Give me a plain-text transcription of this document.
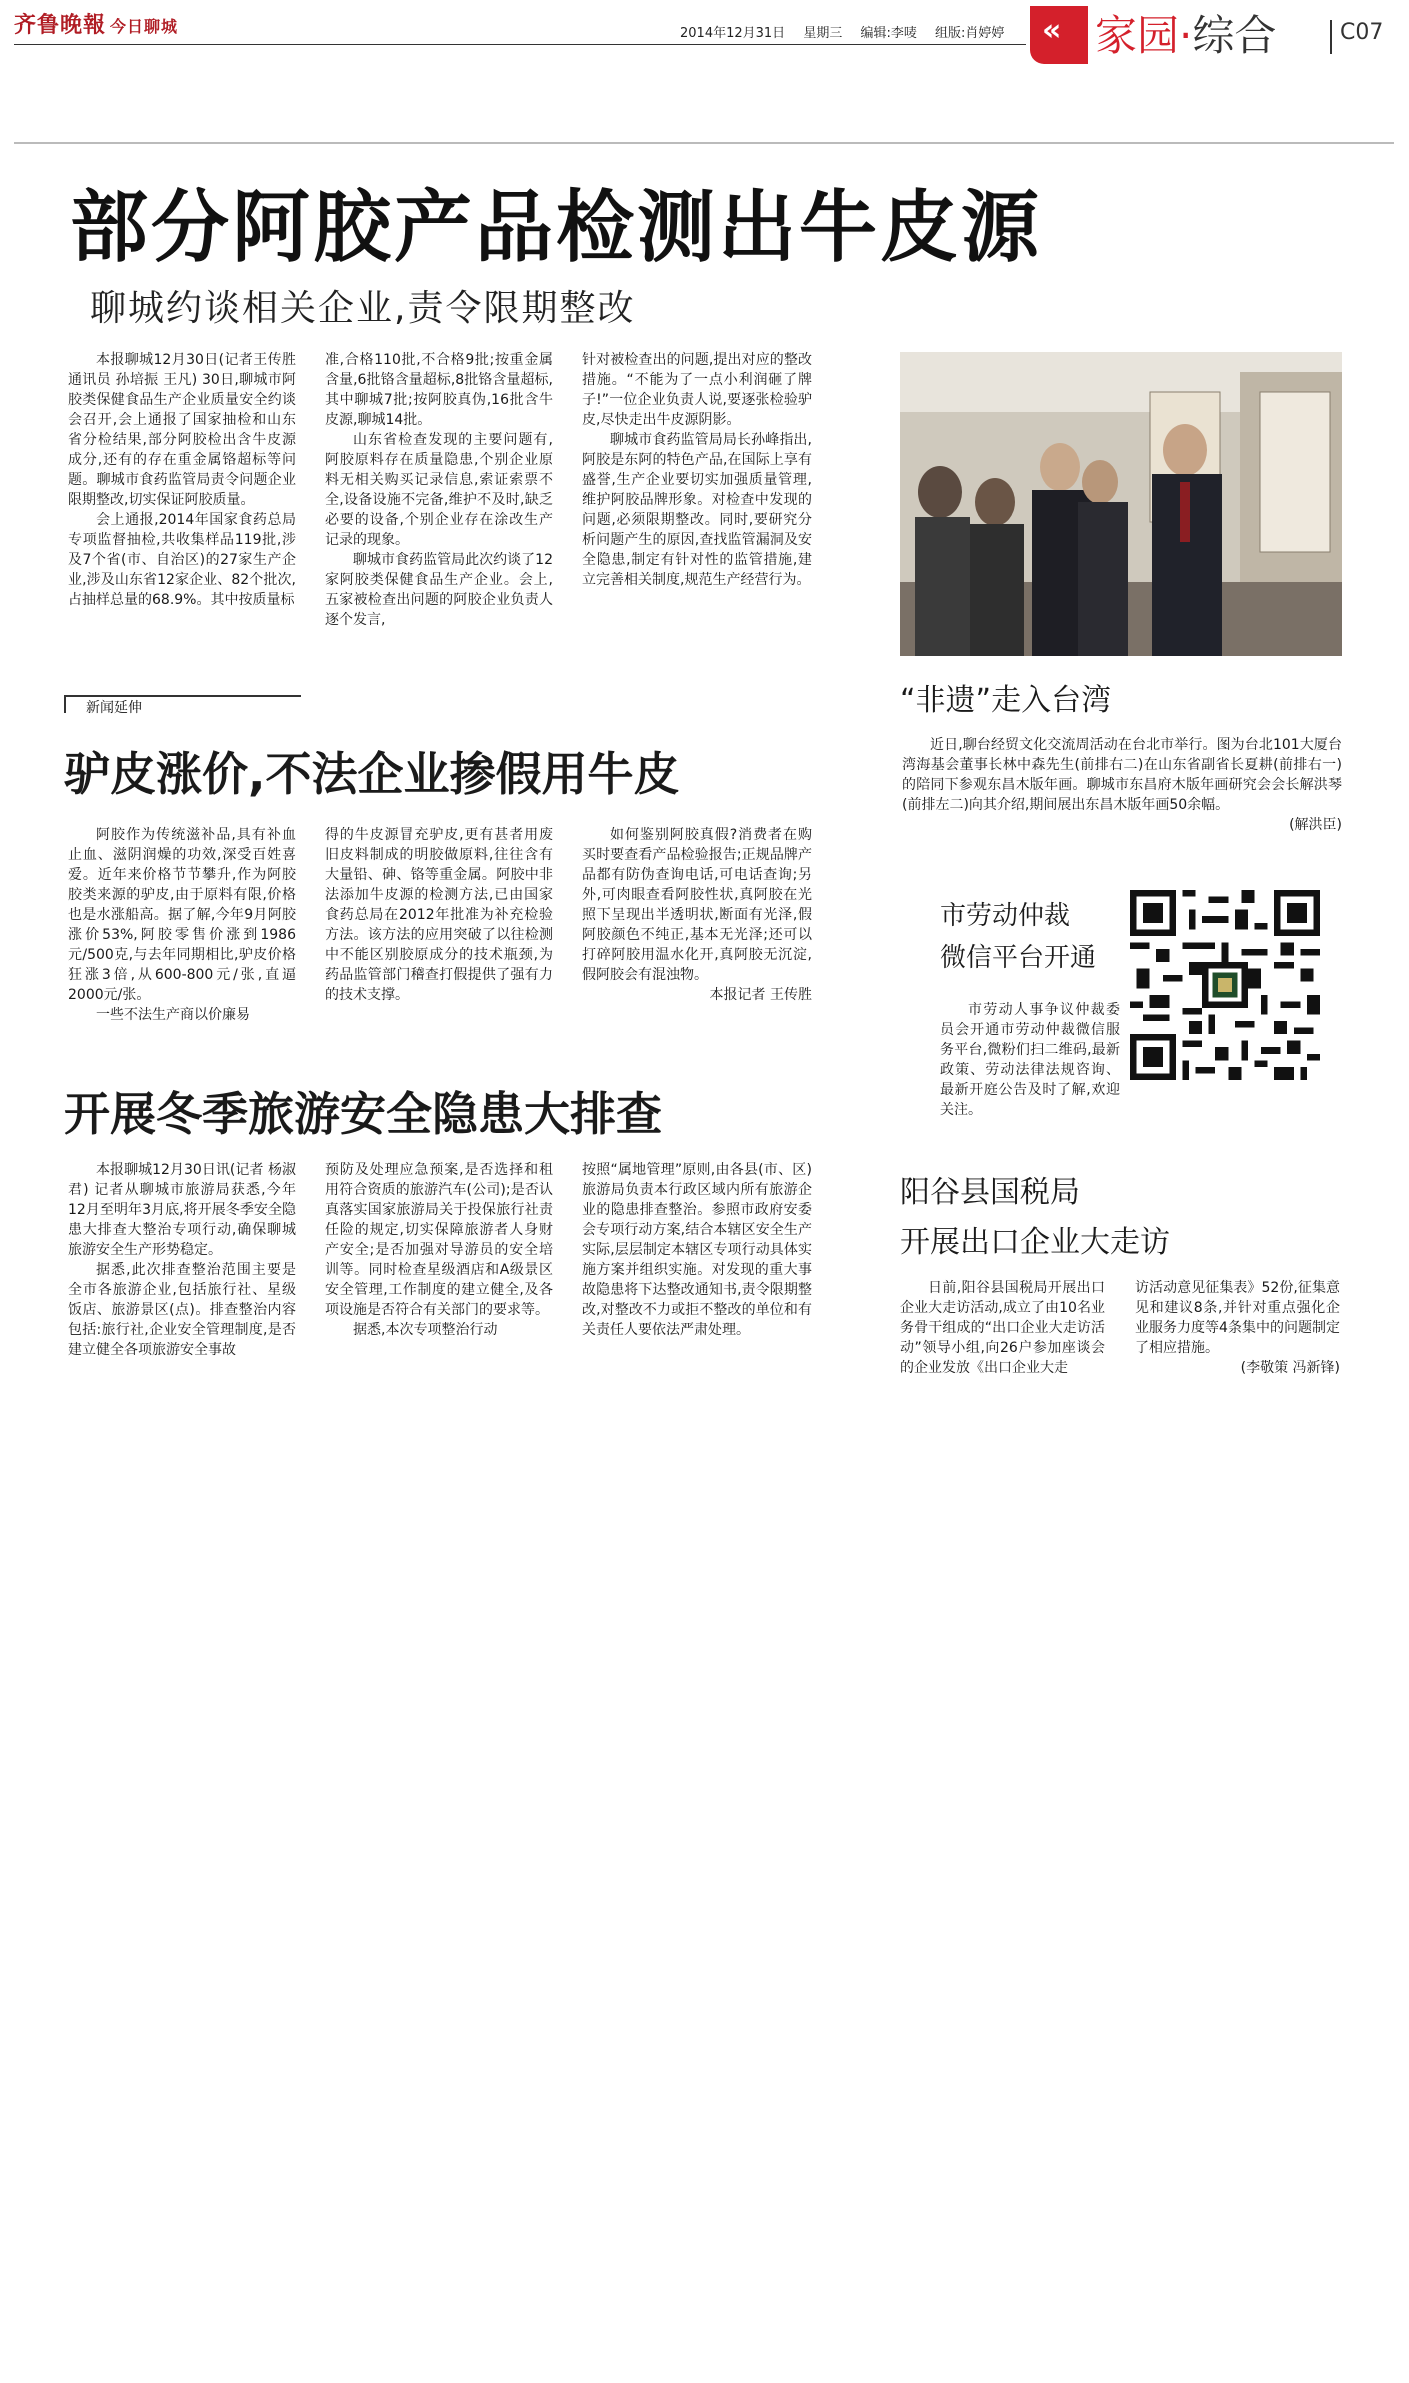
齐鲁晚報 今日聊城	2014年12月31日 星期三 编辑:李唛 组版:肖婷婷	« 家园·综合	C07
部分阿胶产品检测出牛皮源
聊城约谈相关企业,责令限期整改

本报聊城12月30日(记者王传胜 通讯员 孙培振 王凡) 30日,聊城市阿胶类保健食品生产企业质量安全约谈会召开,会上通报了国家抽检和山东省分检结果,部分阿胶检出含牛皮源成分,还有的存在重金属铬超标等问题。聊城市食药监管局责令问题企业限期整改,切实保证阿胶质量。

会上通报,2014年国家食药总局专项监督抽检,共收集样品119批,涉及7个省(市、自治区)的27家生产企业,涉及山东省12家企业、82个批次,占抽样总量的68.9%。其中按质量标

准,合格110批,不合格9批;按重金属含量,6批铬含量超标,8批铬含量超标,其中聊城7批;按阿胶真伪,16批含牛皮源,聊城14批。

山东省检查发现的主要问题有,阿胶原料存在质量隐患,个别企业原料无相关购买记录信息,索证索票不全,设备设施不完备,维护不及时,缺乏必要的设备,个别企业存在涂改生产记录的现象。

聊城市食药监管局此次约谈了12家阿胶类保健食品生产企业。会上,五家被检查出问题的阿胶企业负责人逐个发言,

针对被检查出的问题,提出对应的整改措施。“不能为了一点小利润砸了牌子!”一位企业负责人说,要逐张检验驴皮,尽快走出牛皮源阴影。

聊城市食药监管局局长孙峰指出,阿胶是东阿的特色产品,在国际上享有盛誉,生产企业要切实加强质量管理,维护阿胶品牌形象。对检查中发现的问题,必须限期整改。同时,要研究分析问题产生的原因,查找监管漏洞及安全隐患,制定有针对性的监管措施,建立完善相关制度,规范生产经营行为。

新闻延伸
驴皮涨价,不法企业掺假用牛皮

阿胶作为传统滋补品,具有补血止血、滋阴润燥的功效,深受百姓喜爱。近年来价格节节攀升,作为阿胶胶类来源的驴皮,由于原料有限,价格也是水涨船高。据了解,今年9月阿胶涨价53%,阿胶零售价涨到1986元/500克,与去年同期相比,驴皮价格狂涨3倍,从600-800元/张,直逼2000元/张。

一些不法生产商以价廉易

得的牛皮源冒充驴皮,更有甚者用废旧皮料制成的明胶做原料,往往含有大量铅、砷、铬等重金属。阿胶中非法添加牛皮源的检测方法,已由国家食药总局在2012年批准为补充检验方法。该方法的应用突破了以往检测中不能区别胶原成分的技术瓶颈,为药品监管部门稽查打假提供了强有力的技术支撑。

如何鉴别阿胶真假?消费者在购买时要查看产品检验报告;正规品牌产品都有防伪查询电话,可电话查询;另外,可肉眼查看阿胶性状,真阿胶在光照下呈现出半透明状,断面有光泽,假阿胶颜色不纯正,基本无光泽;还可以打碎阿胶用温水化开,真阿胶无沉淀,假阿胶会有混浊物。

本报记者 王传胜
开展冬季旅游安全隐患大排查

本报聊城12月30日讯(记者 杨淑君) 记者从聊城市旅游局获悉,今年12月至明年3月底,将开展冬季安全隐患大排查大整治专项行动,确保聊城旅游安全生产形势稳定。

据悉,此次排查整治范围主要是全市各旅游企业,包括旅行社、星级饭店、旅游景区(点)。排查整治内容包括:旅行社,企业安全管理制度,是否建立健全各项旅游安全事故

预防及处理应急预案,是否选择和租用符合资质的旅游汽车(公司);是否认真落实国家旅游局关于投保旅行社责任险的规定,切实保障旅游者人身财产安全;是否加强对导游员的安全培训等。同时检查星级酒店和A级景区安全管理,工作制度的建立健全,及各项设施是否符合有关部门的要求等。

据悉,本次专项整治行动

按照“属地管理”原则,由各县(市、区)旅游局负责本行政区域内所有旅游企业的隐患排查整治。参照市政府安委会专项行动方案,结合本辖区安全生产实际,层层制定本辖区专项行动具体实施方案并组织实施。对发现的重大事故隐患将下达整改通知书,责令限期整改,对整改不力或拒不整改的单位和有关责任人要依法严肃处理。

“非遗”走入台湾

近日,聊台经贸文化交流周活动在台北市举行。图为台北101大厦台湾海基会董事长林中森先生(前排右二)在山东省副省长夏耕(前排右一)的陪同下参观东昌木版年画。聊城市东昌府木版年画研究会会长解洪琴(前排左二)向其介绍,期间展出东昌木版年画50余幅。

(解洪臣)
市劳动仲裁
微信平台开通

市劳动人事争议仲裁委员会开通市劳动仲裁微信服务平台,微粉们扫二维码,最新政策、劳动法律法规咨询、最新开庭公告及时了解,欢迎关注。

阳谷县国税局
开展出口企业大走访

日前,阳谷县国税局开展出口企业大走访活动,成立了由10名业务骨干组成的“出口企业大走访活动”领导小组,向26户参加座谈会的企业发放《出口企业大走

访活动意见征集表》52份,征集意见和建议8条,并针对重点强化企业服务力度等4条集中的问题制定了相应措施。

(李敬策 冯新锋)
